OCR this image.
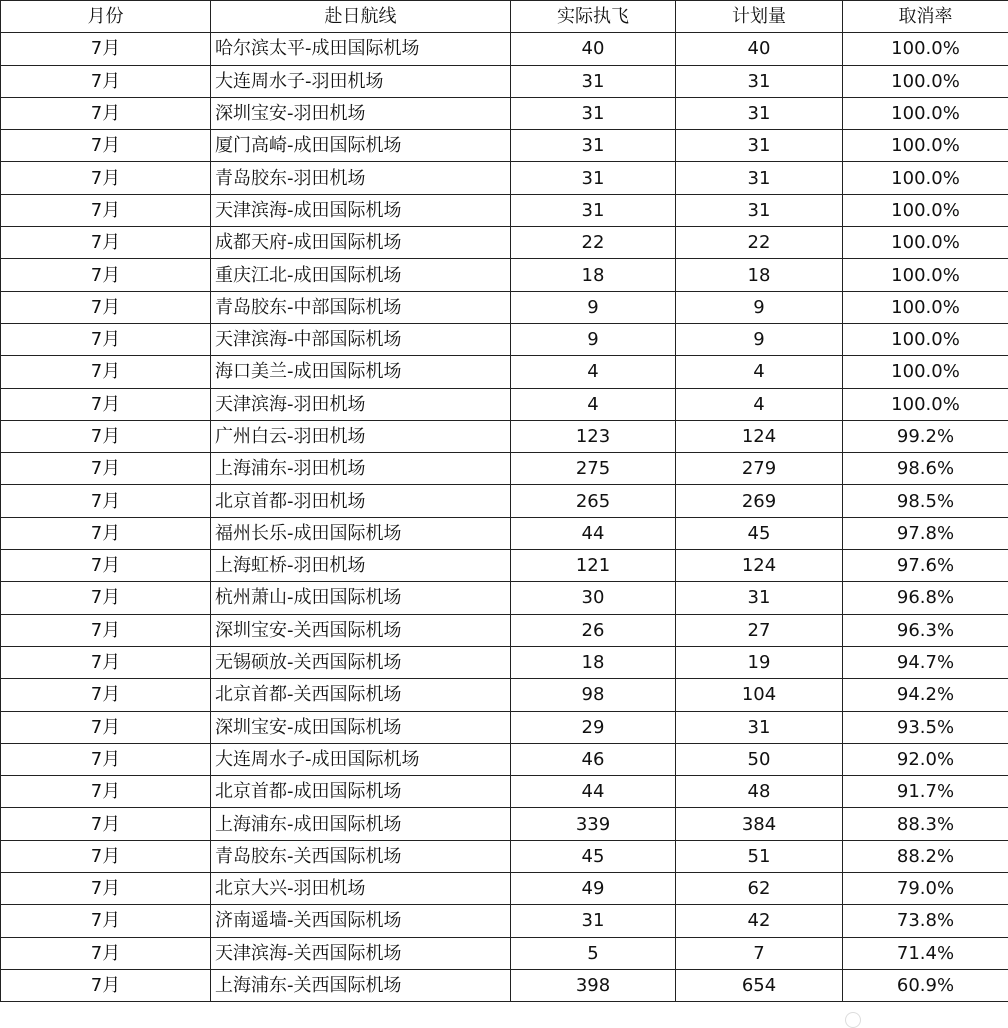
月份	赴日航线	实际执飞	计划量	取消率
7月	哈尔滨太平-成田国际机场	40	40	100.0%
7月	大连周水子-羽田机场	31	31	100.0%
7月	深圳宝安-羽田机场	31	31	100.0%
7月	厦门高崎-成田国际机场	31	31	100.0%
7月	青岛胶东-羽田机场	31	31	100.0%
7月	天津滨海-成田国际机场	31	31	100.0%
7月	成都天府-成田国际机场	22	22	100.0%
7月	重庆江北-成田国际机场	18	18	100.0%
7月	青岛胶东-中部国际机场	9	9	100.0%
7月	天津滨海-中部国际机场	9	9	100.0%
7月	海口美兰-成田国际机场	4	4	100.0%
7月	天津滨海-羽田机场	4	4	100.0%
7月	广州白云-羽田机场	123	124	99.2%
7月	上海浦东-羽田机场	275	279	98.6%
7月	北京首都-羽田机场	265	269	98.5%
7月	福州长乐-成田国际机场	44	45	97.8%
7月	上海虹桥-羽田机场	121	124	97.6%
7月	杭州萧山-成田国际机场	30	31	96.8%
7月	深圳宝安-关西国际机场	26	27	96.3%
7月	无锡硕放-关西国际机场	18	19	94.7%
7月	北京首都-关西国际机场	98	104	94.2%
7月	深圳宝安-成田国际机场	29	31	93.5%
7月	大连周水子-成田国际机场	46	50	92.0%
7月	北京首都-成田国际机场	44	48	91.7%
7月	上海浦东-成田国际机场	339	384	88.3%
7月	青岛胶东-关西国际机场	45	51	88.2%
7月	北京大兴-羽田机场	49	62	79.0%
7月	济南遥墙-关西国际机场	31	42	73.8%
7月	天津滨海-关西国际机场	5	7	71.4%
7月	上海浦东-关西国际机场	398	654	60.9%
